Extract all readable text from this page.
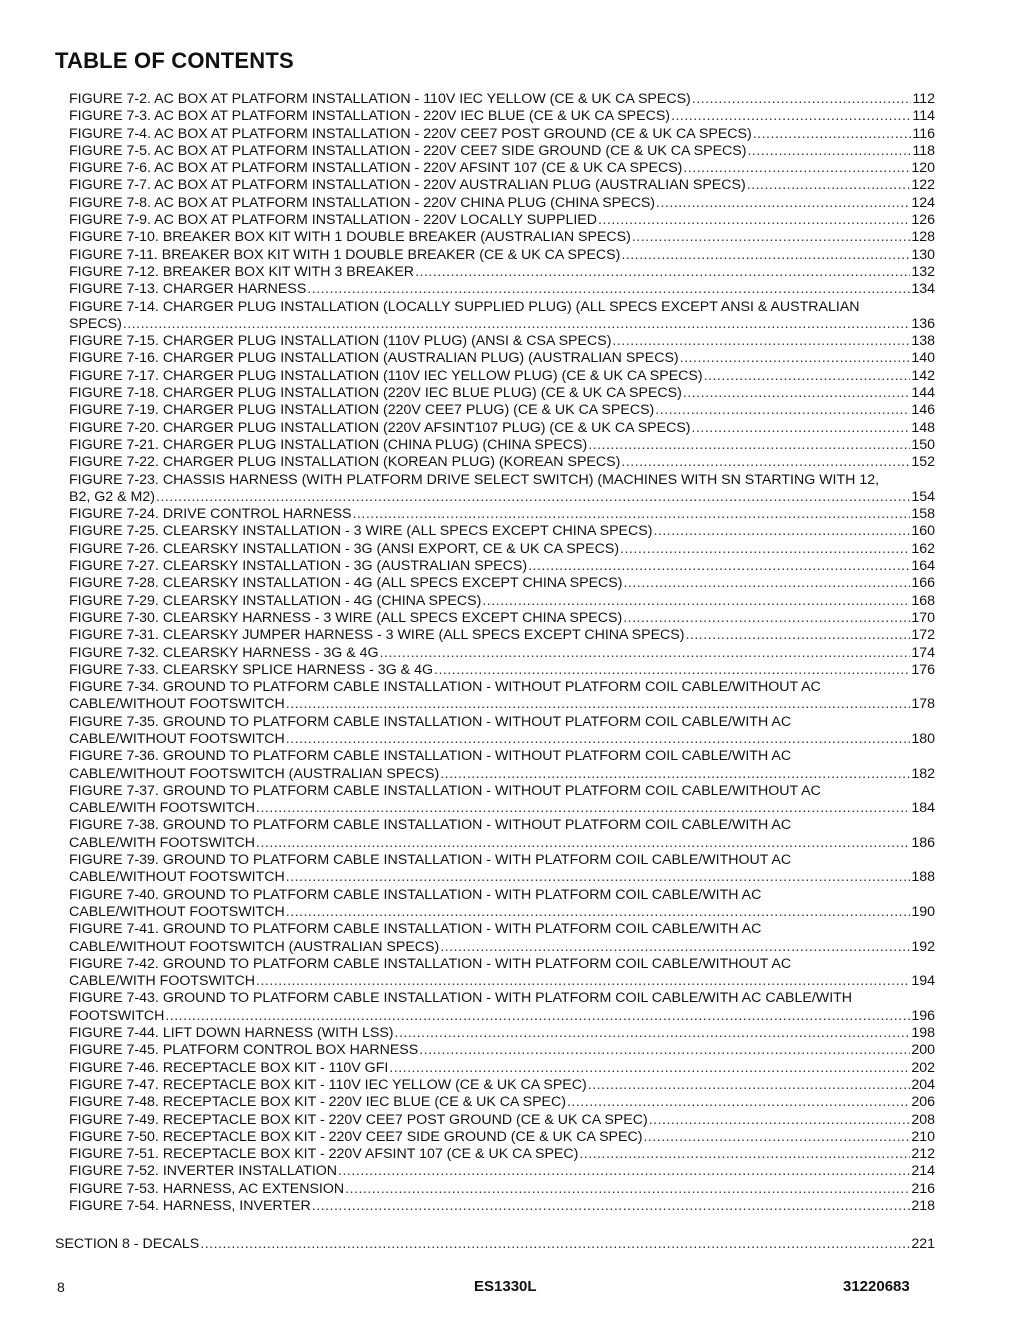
TABLE OF CONTENTS
FIGURE 7-2. AC BOX AT PLATFORM INSTALLATION - 110V IEC YELLOW (CE & UK CA SPECS) .....	112
FIGURE 7-3. AC BOX AT PLATFORM INSTALLATION - 220V IEC BLUE (CE & UK CA SPECS) .....	114
FIGURE 7-4. AC BOX AT PLATFORM INSTALLATION - 220V CEE7 POST GROUND (CE & UK CA SPECS) .....	116
FIGURE 7-5. AC BOX AT PLATFORM INSTALLATION - 220V CEE7 SIDE GROUND (CE & UK CA SPECS) .....	118
FIGURE 7-6. AC BOX AT PLATFORM INSTALLATION - 220V AFSINT 107 (CE & UK CA SPECS) .....	120
FIGURE 7-7. AC BOX AT PLATFORM INSTALLATION - 220V AUSTRALIAN PLUG (AUSTRALIAN SPECS) .....	122
FIGURE 7-8. AC BOX AT PLATFORM INSTALLATION - 220V CHINA PLUG (CHINA SPECS) .....	124
FIGURE 7-9. AC BOX AT PLATFORM INSTALLATION - 220V LOCALLY SUPPLIED .....	126
FIGURE 7-10. BREAKER BOX KIT WITH 1 DOUBLE BREAKER (AUSTRALIAN SPECS) .....	128
FIGURE 7-11. BREAKER BOX KIT WITH 1 DOUBLE BREAKER (CE & UK CA SPECS) .....	130
FIGURE 7-12. BREAKER BOX KIT WITH 3 BREAKER .....	132
FIGURE 7-13. CHARGER HARNESS .....	134
FIGURE 7-14. CHARGER PLUG INSTALLATION (LOCALLY SUPPLIED PLUG) (ALL SPECS EXCEPT ANSI & AUSTRALIAN
SPECS) .....	136
FIGURE 7-15. CHARGER PLUG INSTALLATION (110V PLUG) (ANSI & CSA SPECS) .....	138
FIGURE 7-16. CHARGER PLUG INSTALLATION (AUSTRALIAN PLUG) (AUSTRALIAN SPECS) .....	140
FIGURE 7-17. CHARGER PLUG INSTALLATION (110V IEC YELLOW PLUG) (CE & UK CA SPECS) .....	142
FIGURE 7-18. CHARGER PLUG INSTALLATION (220V IEC BLUE PLUG) (CE & UK CA SPECS) .....	144
FIGURE 7-19. CHARGER PLUG INSTALLATION (220V CEE7 PLUG) (CE & UK CA SPECS) .....	146
FIGURE 7-20. CHARGER PLUG INSTALLATION (220V AFSINT107 PLUG) (CE & UK CA SPECS) .....	148
FIGURE 7-21. CHARGER PLUG INSTALLATION (CHINA PLUG) (CHINA SPECS) .....	150
FIGURE 7-22. CHARGER PLUG INSTALLATION (KOREAN PLUG) (KOREAN SPECS) .....	152
FIGURE 7-23. CHASSIS HARNESS (WITH PLATFORM DRIVE SELECT SWITCH) (MACHINES WITH SN STARTING WITH 12,
B2, G2 & M2) .....	154
FIGURE 7-24. DRIVE CONTROL HARNESS .....	158
FIGURE 7-25. CLEARSKY INSTALLATION - 3 WIRE (ALL SPECS EXCEPT CHINA SPECS) .....	160
FIGURE 7-26. CLEARSKY INSTALLATION - 3G (ANSI EXPORT, CE & UK CA SPECS) .....	162
FIGURE 7-27. CLEARSKY INSTALLATION - 3G (AUSTRALIAN SPECS) .....	164
FIGURE 7-28. CLEARSKY INSTALLATION - 4G (ALL SPECS EXCEPT CHINA SPECS) .....	166
FIGURE 7-29. CLEARSKY INSTALLATION - 4G (CHINA SPECS) .....	168
FIGURE 7-30. CLEARSKY HARNESS - 3 WIRE (ALL SPECS EXCEPT CHINA SPECS) .....	170
FIGURE 7-31. CLEARSKY JUMPER HARNESS - 3 WIRE (ALL SPECS EXCEPT CHINA SPECS) .....	172
FIGURE 7-32. CLEARSKY HARNESS - 3G & 4G .....	174
FIGURE 7-33. CLEARSKY SPLICE HARNESS - 3G & 4G .....	176
FIGURE 7-34. GROUND TO PLATFORM CABLE INSTALLATION - WITHOUT PLATFORM COIL CABLE/WITHOUT AC
CABLE/WITHOUT FOOTSWITCH .....	178
FIGURE 7-35. GROUND TO PLATFORM CABLE INSTALLATION - WITHOUT PLATFORM COIL CABLE/WITH AC
CABLE/WITHOUT FOOTSWITCH .....	180
FIGURE 7-36. GROUND TO PLATFORM CABLE INSTALLATION - WITHOUT PLATFORM COIL CABLE/WITH AC
CABLE/WITHOUT FOOTSWITCH (AUSTRALIAN SPECS) .....	182
FIGURE 7-37. GROUND TO PLATFORM CABLE INSTALLATION - WITHOUT PLATFORM COIL CABLE/WITHOUT AC
CABLE/WITH FOOTSWITCH .....	184
FIGURE 7-38. GROUND TO PLATFORM CABLE INSTALLATION - WITHOUT PLATFORM COIL CABLE/WITH AC
CABLE/WITH FOOTSWITCH .....	186
FIGURE 7-39. GROUND TO PLATFORM CABLE INSTALLATION - WITH PLATFORM COIL CABLE/WITHOUT AC
CABLE/WITHOUT FOOTSWITCH .....	188
FIGURE 7-40. GROUND TO PLATFORM CABLE INSTALLATION - WITH PLATFORM COIL CABLE/WITH AC
CABLE/WITHOUT FOOTSWITCH .....	190
FIGURE 7-41. GROUND TO PLATFORM CABLE INSTALLATION - WITH PLATFORM COIL CABLE/WITH AC
CABLE/WITHOUT FOOTSWITCH (AUSTRALIAN SPECS) .....	192
FIGURE 7-42. GROUND TO PLATFORM CABLE INSTALLATION - WITH PLATFORM COIL CABLE/WITHOUT AC
CABLE/WITH FOOTSWITCH .....	194
FIGURE 7-43. GROUND TO PLATFORM CABLE INSTALLATION - WITH PLATFORM COIL CABLE/WITH AC CABLE/WITH
FOOTSWITCH .....	196
FIGURE 7-44. LIFT DOWN HARNESS (WITH LSS) .....	198
FIGURE 7-45. PLATFORM CONTROL BOX HARNESS .....	200
FIGURE 7-46. RECEPTACLE BOX KIT - 110V GFI .....	202
FIGURE 7-47. RECEPTACLE BOX KIT - 110V IEC YELLOW (CE & UK CA SPEC) .....	204
FIGURE 7-48. RECEPTACLE BOX KIT - 220V IEC BLUE (CE & UK CA SPEC) .....	206
FIGURE 7-49. RECEPTACLE BOX KIT - 220V CEE7 POST GROUND (CE & UK CA SPEC) .....	208
FIGURE 7-50. RECEPTACLE BOX KIT - 220V CEE7 SIDE GROUND (CE & UK CA SPEC) .....	210
FIGURE 7-51. RECEPTACLE BOX KIT - 220V AFSINT 107 (CE & UK CA SPEC) .....	212
FIGURE 7-52. INVERTER INSTALLATION .....	214
FIGURE 7-53. HARNESS, AC EXTENSION .....	216
FIGURE 7-54. HARNESS, INVERTER .....	218
SECTION 8 - DECALS .....	221
8	ES1330L	31220683
